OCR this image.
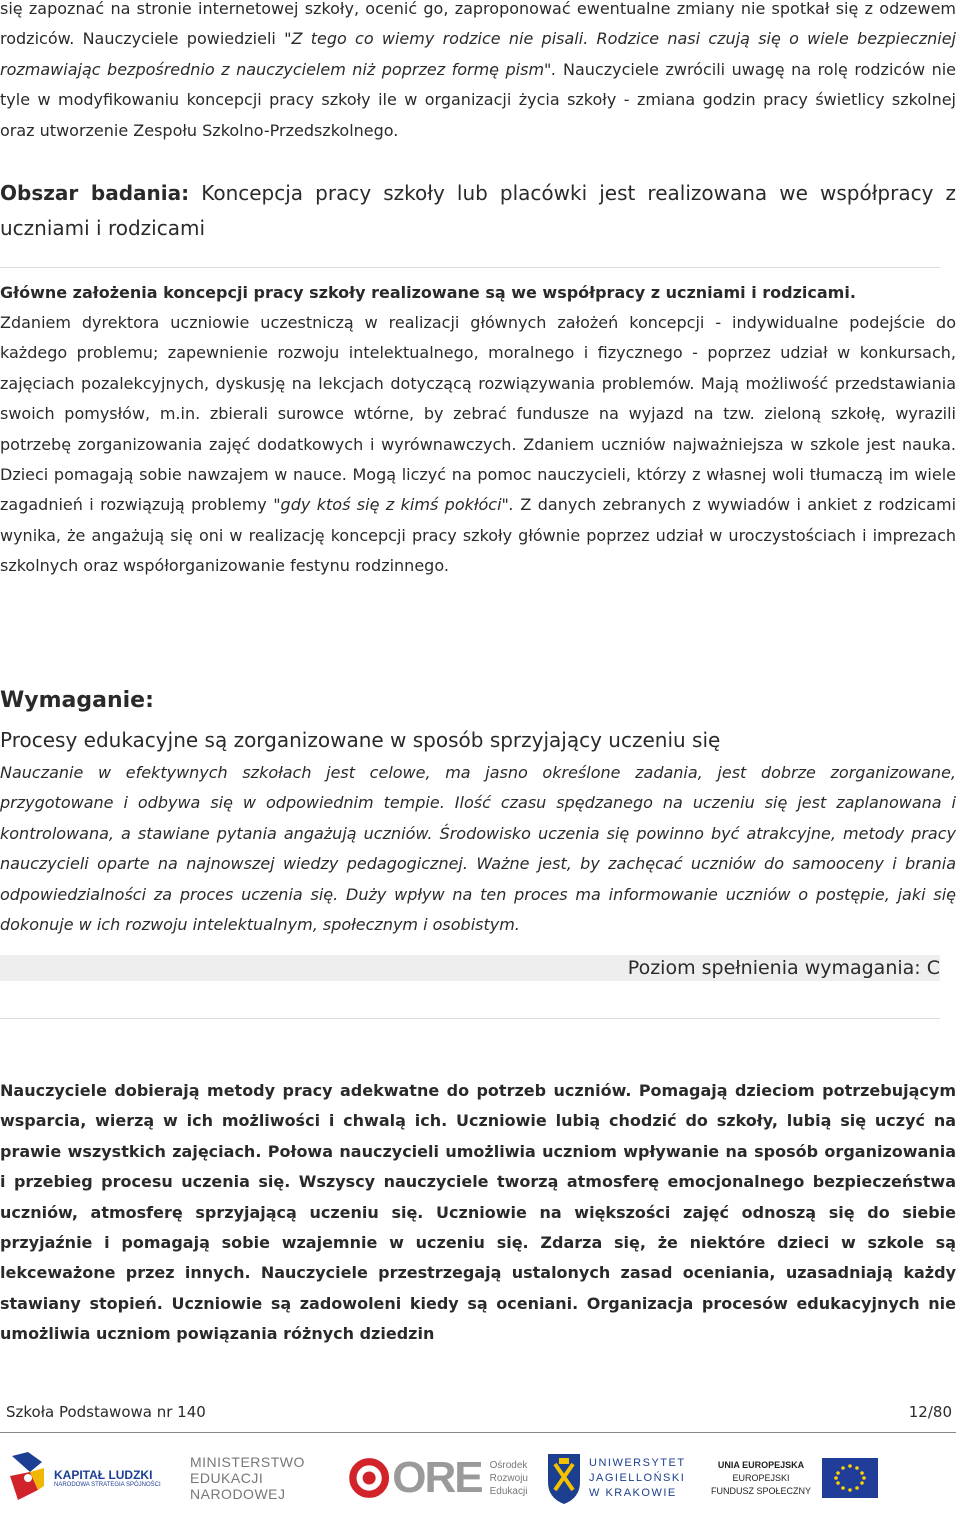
się zapoznać na stronie internetowej szkoły, ocenić go, zaproponować ewentualne zmiany nie spotkał się z odzewem rodziców. Nauczyciele powiedzieli "Z tego co wiemy rodzice nie pisali. Rodzice nasi czują się o wiele bezpieczniej rozmawiając bezpośrednio z nauczycielem niż poprzez formę pism". Nauczyciele zwrócili uwagę na rolę rodziców nie tyle w modyfikowaniu koncepcji pracy szkoły ile w organizacji życia szkoły - zmiana godzin pracy świetlicy szkolnej oraz utworzenie Zespołu Szkolno-Przedszkolnego.

Obszar badania: Koncepcja pracy szkoły lub placówki jest realizowana we współpracy z uczniami i rodzicami

Główne założenia koncepcji pracy szkoły realizowane są we współpracy z uczniami i rodzicami.

Zdaniem dyrektora uczniowie uczestniczą w realizacji głównych założeń koncepcji - indywidualne podejście do każdego problemu; zapewnienie rozwoju intelektualnego, moralnego i fizycznego - poprzez udział w konkursach, zajęciach pozalekcyjnych, dyskusję na lekcjach dotyczącą rozwiązywania problemów. Mają możliwość przedstawiania swoich pomysłów, m.in. zbierali surowce wtórne, by zebrać fundusze na wyjazd na tzw. zieloną szkołę, wyrazili potrzebę zorganizowania zajęć dodatkowych i wyrównawczych. Zdaniem uczniów najważniejsza w szkole jest nauka. Dzieci pomagają sobie nawzajem w nauce. Mogą liczyć na pomoc nauczycieli, którzy z własnej woli tłumaczą im wiele zagadnień i rozwiązują problemy "gdy ktoś się z kimś pokłóci". Z danych zebranych z wywiadów i ankiet z rodzicami wynika, że angażują się oni w realizację koncepcji pracy szkoły głównie poprzez udział w uroczystościach i imprezach szkolnych oraz współorganizowanie festynu rodzinnego.

Wymaganie:

Procesy edukacyjne są zorganizowane w sposób sprzyjający uczeniu się

Nauczanie w efektywnych szkołach jest celowe, ma jasno określone zadania, jest dobrze zorganizowane, przygotowane i odbywa się w odpowiednim tempie. Ilość czasu spędzanego na uczeniu się jest zaplanowana i kontrolowana, a stawiane pytania angażują uczniów. Środowisko uczenia się powinno być atrakcyjne, metody pracy nauczycieli oparte na najnowszej wiedzy pedagogicznej. Ważne jest, by zachęcać uczniów do samooceny i brania odpowiedzialności za proces uczenia się. Duży wpływ na ten proces ma informowanie uczniów o postępie, jaki się dokonuje w ich rozwoju intelektualnym, społecznym i osobistym.

Poziom spełnienia wymagania: C

Nauczyciele dobierają metody pracy adekwatne do potrzeb uczniów. Pomagają dzieciom potrzebującym wsparcia, wierzą w ich możliwości i chwalą ich. Uczniowie lubią chodzić do szkoły, lubią się uczyć na prawie wszystkich zajęciach. Połowa nauczycieli umożliwia uczniom wpływanie na sposób organizowania i przebieg procesu uczenia się. Wszyscy nauczyciele tworzą atmosferę emocjonalnego bezpieczeństwa uczniów, atmosferę sprzyjającą uczeniu się. Uczniowie na większości zajęć odnoszą się do siebie przyjaźnie i pomagają sobie wzajemnie w uczeniu się. Zdarza się, że niektóre dzieci w szkole są lekceważone przez innych. Nauczyciele przestrzegają ustalonych zasad oceniania, uzasadniają każdy stawiany stopień. Uczniowie są zadowoleni kiedy są oceniani. Organizacja procesów edukacyjnych nie umożliwia uczniom powiązania różnych dziedzin

Szkoła Podstawowa nr 140	12/80
KAPITAŁ LUDZKI
NARODOWA STRATEGIA SPÓJNOŚCI
MINISTERSTWO
EDUKACJI
NARODOWEJ	ORE Ośrodek
Rozwoju
Edukacji
UNIWERSYTET
JAGIELLOŃSKI
W KRAKOWIE
UNIA EUROPEJSKA
EUROPEJSKI
FUNDUSZ SPOŁECZNY
